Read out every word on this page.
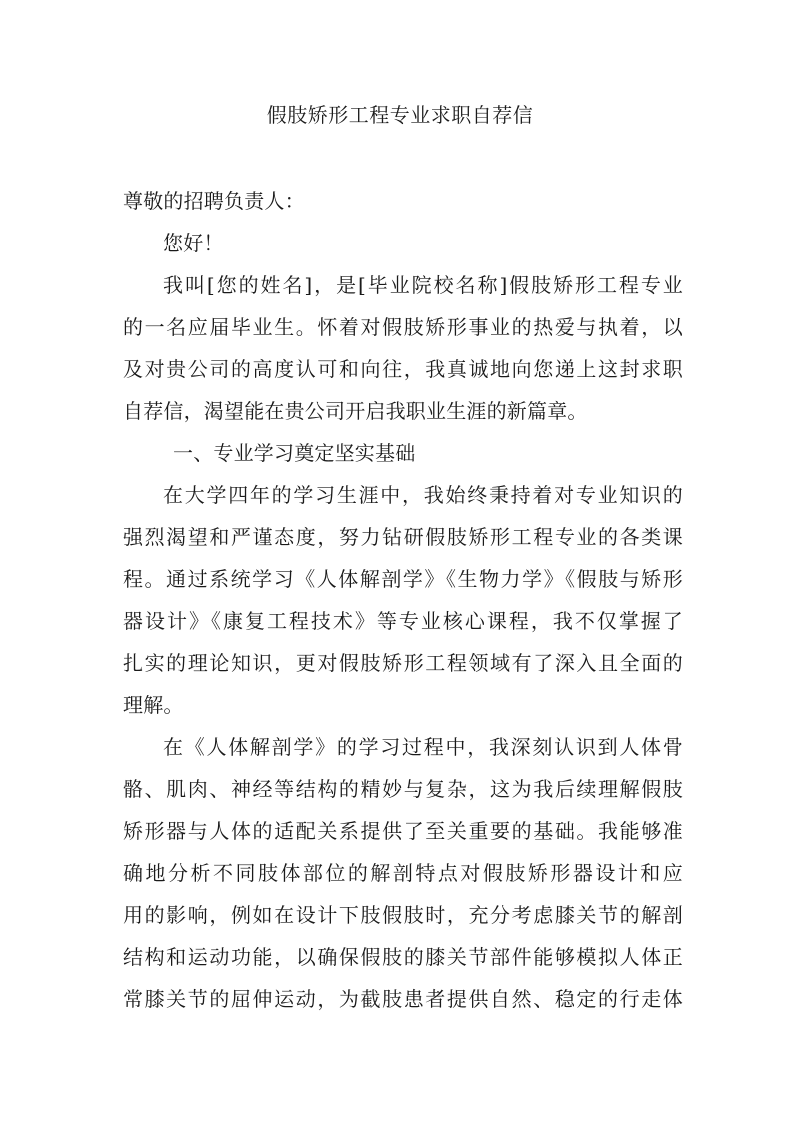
假肢矫形工程专业求职自荐信
尊敬的招聘负责人：
您好！
我叫[您的姓名]，是[毕业院校名称]假肢矫形工程专业
的一名应届毕业生。怀着对假肢矫形事业的热爱与执着，以
及对贵公司的高度认可和向往，我真诚地向您递上这封求职
自荐信，渴望能在贵公司开启我职业生涯的新篇章。
一、专业学习奠定坚实基础
在大学四年的学习生涯中，我始终秉持着对专业知识的
强烈渴望和严谨态度，努力钻研假肢矫形工程专业的各类课
程。通过系统学习《人体解剖学》《生物力学》《假肢与矫形
器设计》《康复工程技术》等专业核心课程，我不仅掌握了
扎实的理论知识，更对假肢矫形工程领域有了深入且全面的
理解。
在《人体解剖学》的学习过程中，我深刻认识到人体骨
骼、肌肉、神经等结构的精妙与复杂，这为我后续理解假肢
矫形器与人体的适配关系提供了至关重要的基础。我能够准
确地分析不同肢体部位的解剖特点对假肢矫形器设计和应
用的影响，例如在设计下肢假肢时，充分考虑膝关节的解剖
结构和运动功能，以确保假肢的膝关节部件能够模拟人体正
常膝关节的屈伸运动，为截肢患者提供自然、稳定的行走体
